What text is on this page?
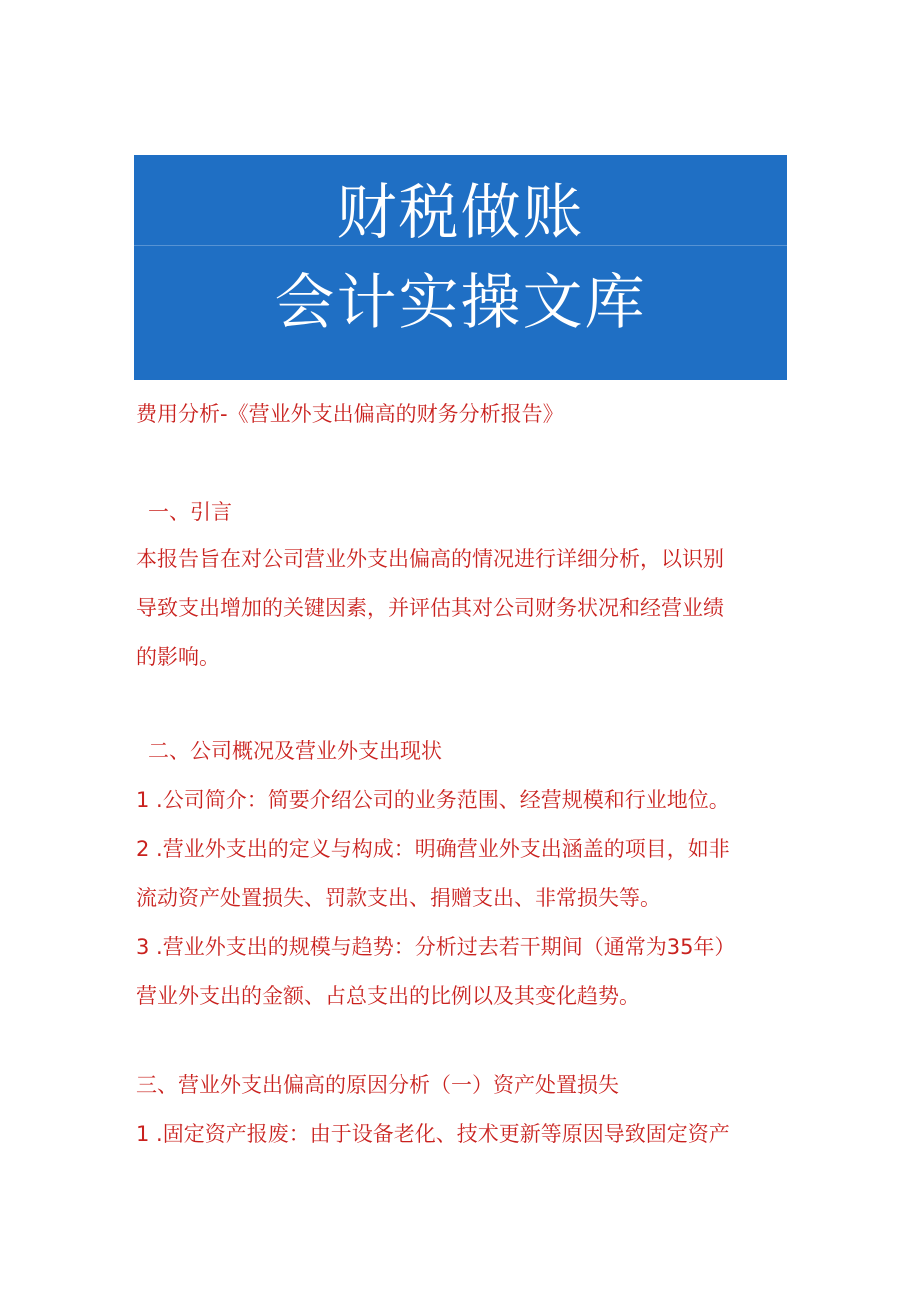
财税做账
会计实操文库
费用分析-《营业外支出偏高的财务分析报告》
一、引言
本报告旨在对公司营业外支出偏高的情况进行详细分析，以识别
导致支出增加的关键因素，并评估其对公司财务状况和经营业绩
的影响。
二、公司概况及营业外支出现状
1 .公司简介：简要介绍公司的业务范围、经营规模和行业地位。
2 .营业外支出的定义与构成：明确营业外支出涵盖的项目，如非
流动资产处置损失、罚款支出、捐赠支出、非常损失等。
3 .营业外支出的规模与趋势：分析过去若干期间（通常为35年）
营业外支出的金额、占总支出的比例以及其变化趋势。
三、营业外支出偏高的原因分析（一）资产处置损失
1 .固定资产报废：由于设备老化、技术更新等原因导致固定资产
